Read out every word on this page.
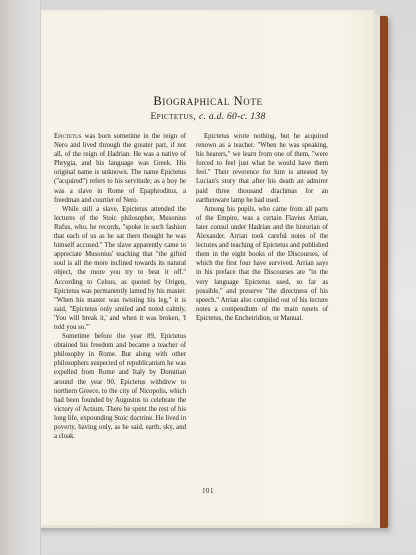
Biographical Note
Epictetus, c. a.d. 60-c. 138

Epictetus was born sometime in the reign of Nero and lived through the greater part, if not all, of the reign of Hadrian. He was a native of Phrygia, and his language was Greek. His original name is unknown. The name Epictetus ("acquired") refers to his servitude; as a boy he was a slave in Rome of Epaphroditus, a freedman and courtier of Nero.

While still a slave, Epictetus attended the lectures of the Stoic philosopher, Musonius Rufus, who, he records, "spoke in such fashion that each of us as he sat there thought he was himself accused." The slave apparently came to appreciate Musonius' teaching that "the gifted soul is all the more inclined towards its natural object, the more you try to beat it off." According to Celsus, as quoted by Origen, Epictetus was permanently lamed by his master. "When his master was twisting his leg," it is said, "Epictetus only smiled and noted calmly, 'You will break it,' and when it was broken, 'I told you so.'"

Sometime before the year 89, Epictetus obtained his freedom and became a teacher of philosophy in Rome. But along with other philosophers suspected of republicanism he was expelled from Rome and Italy by Domitian around the year 90. Epictetus withdrew to northern Greece, to the city of Nicopolis, which had been founded by Augustus to celebrate the victory of Actium. There he spent the rest of his long life, expounding Stoic doctrine. He lived in poverty, having only, as he said, earth, sky, and a cloak.

Epictetus wrote nothing, but he acquired renown as a teacher. "When he was speaking, his hearers," we learn from one of them, "were forced to feel just what he would have them feel." Their reverence for him is attested by Lucian's story that after his death an admirer paid three thousand drachmas for an earthenware lamp he had used.

Among his pupils, who came from all parts of the Empire, was a certain Flavius Arrian, later consul under Hadrian and the historian of Alexander. Arrian took careful notes of the lectures and teaching of Epictetus and published them in the eight books of the Discourses, of which the first four have survived. Arrian says in his preface that the Discourses are "in the very language Epictetus used, so far as possible," and preserve "the directness of his speech." Arrian also compiled out of his lecture notes a compendium of the main tenets of Epictetus, the Encheiridion, or Manual.

101
